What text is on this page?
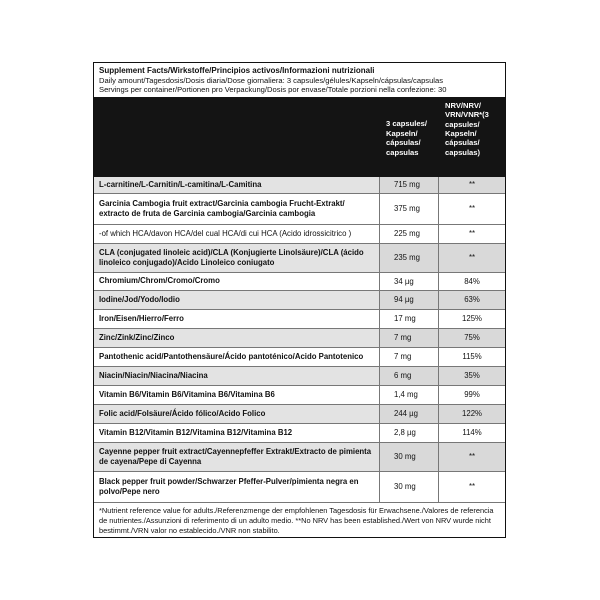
Supplement Facts/Wirkstoffe/Principios activos/Informazioni nutrizionali
Daily amount/Tagesdosis/Dosis diaria/Dose giornaliera: 3 capsules/gélules/Kapseln/cápsulas/capsulas
Servings per container/Portionen pro Verpackung/Dosis por envase/Totale porzioni nella confezione: 30
3 capsules/ Kapseln/ cápsulas/ capsulas
NRV/NRV/ VRN/VNR*(3 capsules/ Kapseln/ cápsulas/ capsulas)
L-carnitine/L-Carnitin/L-camitina/L-Camitina	715 mg	**
Garcinia Cambogia fruit extract/Garcinia cambogia Frucht-Extrakt/ extracto de fruta de Garcinia cambogia/Garcinia cambogia	375 mg	**
-of which HCA/davon HCA/del cual HCA/di cui HCA (Acido idrossicitrico )	225 mg	**
CLA (conjugated linoleic acid)/CLA (Konjugierte Linolsäure)/CLA (ácido linoleico conjugado)/Acido Linoleico coniugato	235 mg	**
Chromium/Chrom/Cromo/Cromo	34 µg	84%
Iodine/Jod/Yodo/Iodio	94 µg	63%
Iron/Eisen/Hierro/Ferro	17 mg	125%
Zinc/Zink/Zinc/Zinco	7 mg	75%
Pantothenic acid/Pantothensäure/Ácido pantoténico/Acido Pantotenico	7 mg	115%
Niacin/Niacin/Niacina/Niacina	6 mg	35%
Vitamin B6/Vitamin B6/Vitamina B6/Vitamina B6	1,4 mg	99%
Folic acid/Folsäure/Ácido fólico/Acido Folico	244 µg	122%
Vitamin B12/Vitamin B12/Vitamina B12/Vitamina B12	2,8 µg	114%
Cayenne pepper fruit extract/Cayennepfeffer Extrakt/Extracto de pimienta de cayena/Pepe di Cayenna	30 mg	**
Black pepper fruit powder/Schwarzer Pfeffer-Pulver/pimienta negra en polvo/Pepe nero	30 mg	**
*Nutrient reference value for adults./Referenzmenge der empfohlenen Tagesdosis für Erwachsene./Valores de referencia de nutrientes./Assunzioni di referimento di un adulto medio. **No NRV has been established./Wert von NRV wurde nicht bestimmt./VRN valor no establecido./VNR non stabilito.
